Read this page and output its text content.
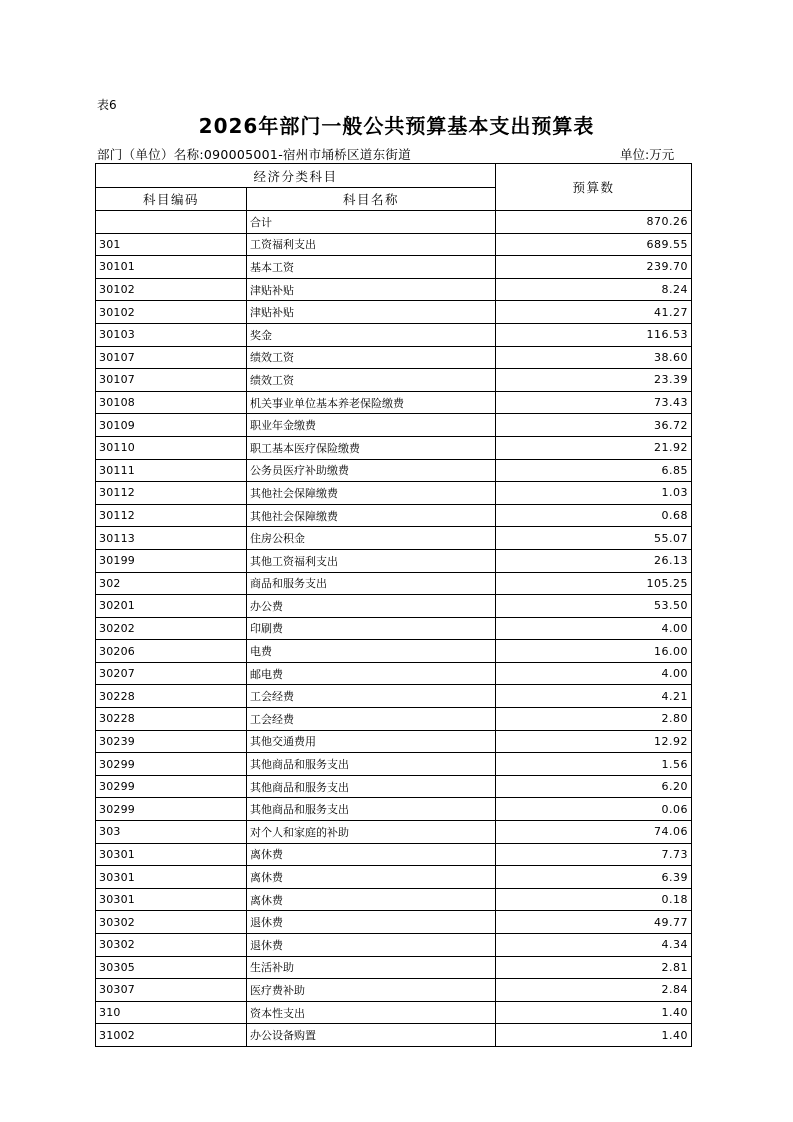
表6
2026年部门一般公共预算基本支出预算表
部门（单位）名称:090005001-宿州市埇桥区道东街道	单位:万元
经济分类科目		预算数
科目编码	科目名称	
	合计	870.26
301	工资福利支出	689.55
30101	基本工资	239.70
30102	津贴补贴	8.24
30102	津贴补贴	41.27
30103	奖金	116.53
30107	绩效工资	38.60
30107	绩效工资	23.39
30108	机关事业单位基本养老保险缴费	73.43
30109	职业年金缴费	36.72
30110	职工基本医疗保险缴费	21.92
30111	公务员医疗补助缴费	6.85
30112	其他社会保障缴费	1.03
30112	其他社会保障缴费	0.68
30113	住房公积金	55.07
30199	其他工资福利支出	26.13
302	商品和服务支出	105.25
30201	办公费	53.50
30202	印刷费	4.00
30206	电费	16.00
30207	邮电费	4.00
30228	工会经费	4.21
30228	工会经费	2.80
30239	其他交通费用	12.92
30299	其他商品和服务支出	1.56
30299	其他商品和服务支出	6.20
30299	其他商品和服务支出	0.06
303	对个人和家庭的补助	74.06
30301	离休费	7.73
30301	离休费	6.39
30301	离休费	0.18
30302	退休费	49.77
30302	退休费	4.34
30305	生活补助	2.81
30307	医疗费补助	2.84
310	资本性支出	1.40
31002	办公设备购置	1.40
